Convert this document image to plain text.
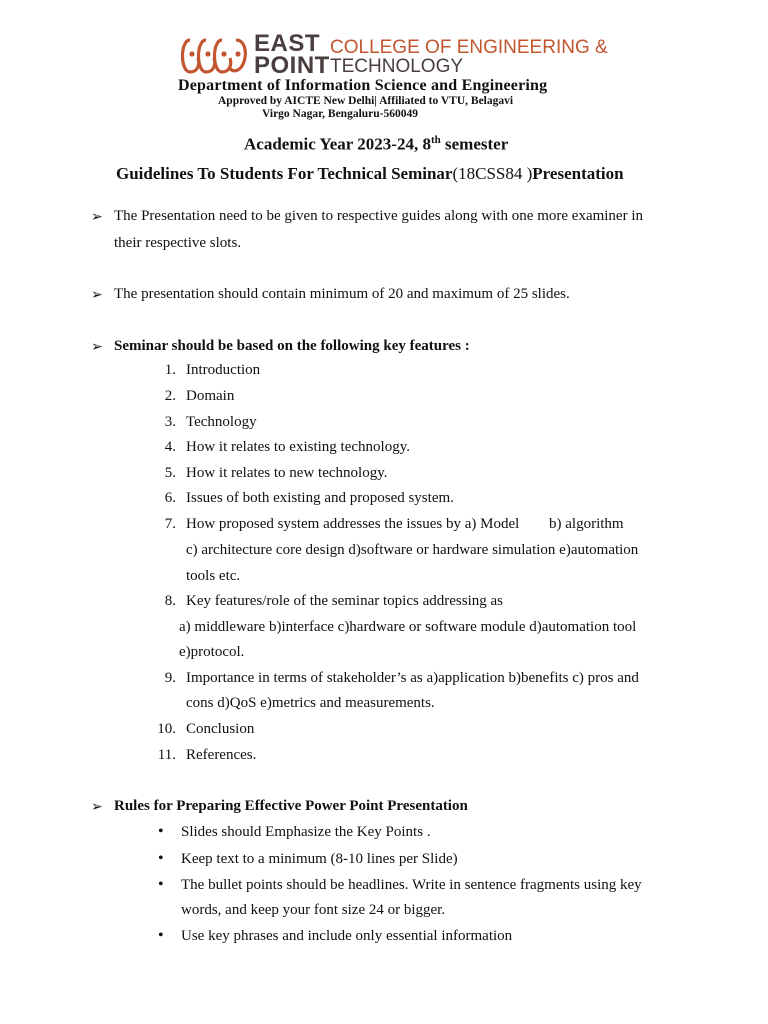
EAST
POINT
COLLEGE OF ENGINEERING &
TECHNOLOGY
Department of Information Science and Engineering
Approved by AICTE New Delhi| Affiliated to VTU, Belagavi
Virgo Nagar, Bengaluru-560049
Academic Year 2023-24, 8th semester
Guidelines To Students For Technical Seminar(18CSS84 )Presentation
➢ The Presentation need to be given to respective guides along with one more examiner in
their respective slots.
➢ The presentation should contain minimum of 20 and maximum of 25 slides.
➢ Seminar should be based on the following key features :
1. Introduction
2. Domain
3. Technology
4. How it relates to existing technology.
5. How it relates to new technology.
6. Issues of both existing and proposed system.
7. How proposed system addresses the issues by a) Model b) algorithm
c) architecture core design d)software or hardware simulation e)automation
tools etc.
8. Key features/role of the seminar topics addressing as
a) middleware b)interface c)hardware or software module d)automation tool
e)protocol.
9. Importance in terms of stakeholder’s as a)application b)benefits c) pros and
cons d)QoS e)metrics and measurements.
10. Conclusion
11. References.
➢ Rules for Preparing Effective Power Point Presentation
• Slides should Emphasize the Key Points .
• Keep text to a minimum (8-10 lines per Slide)
• The bullet points should be headlines. Write in sentence fragments using key
words, and keep your font size 24 or bigger.
• Use key phrases and include only essential information
